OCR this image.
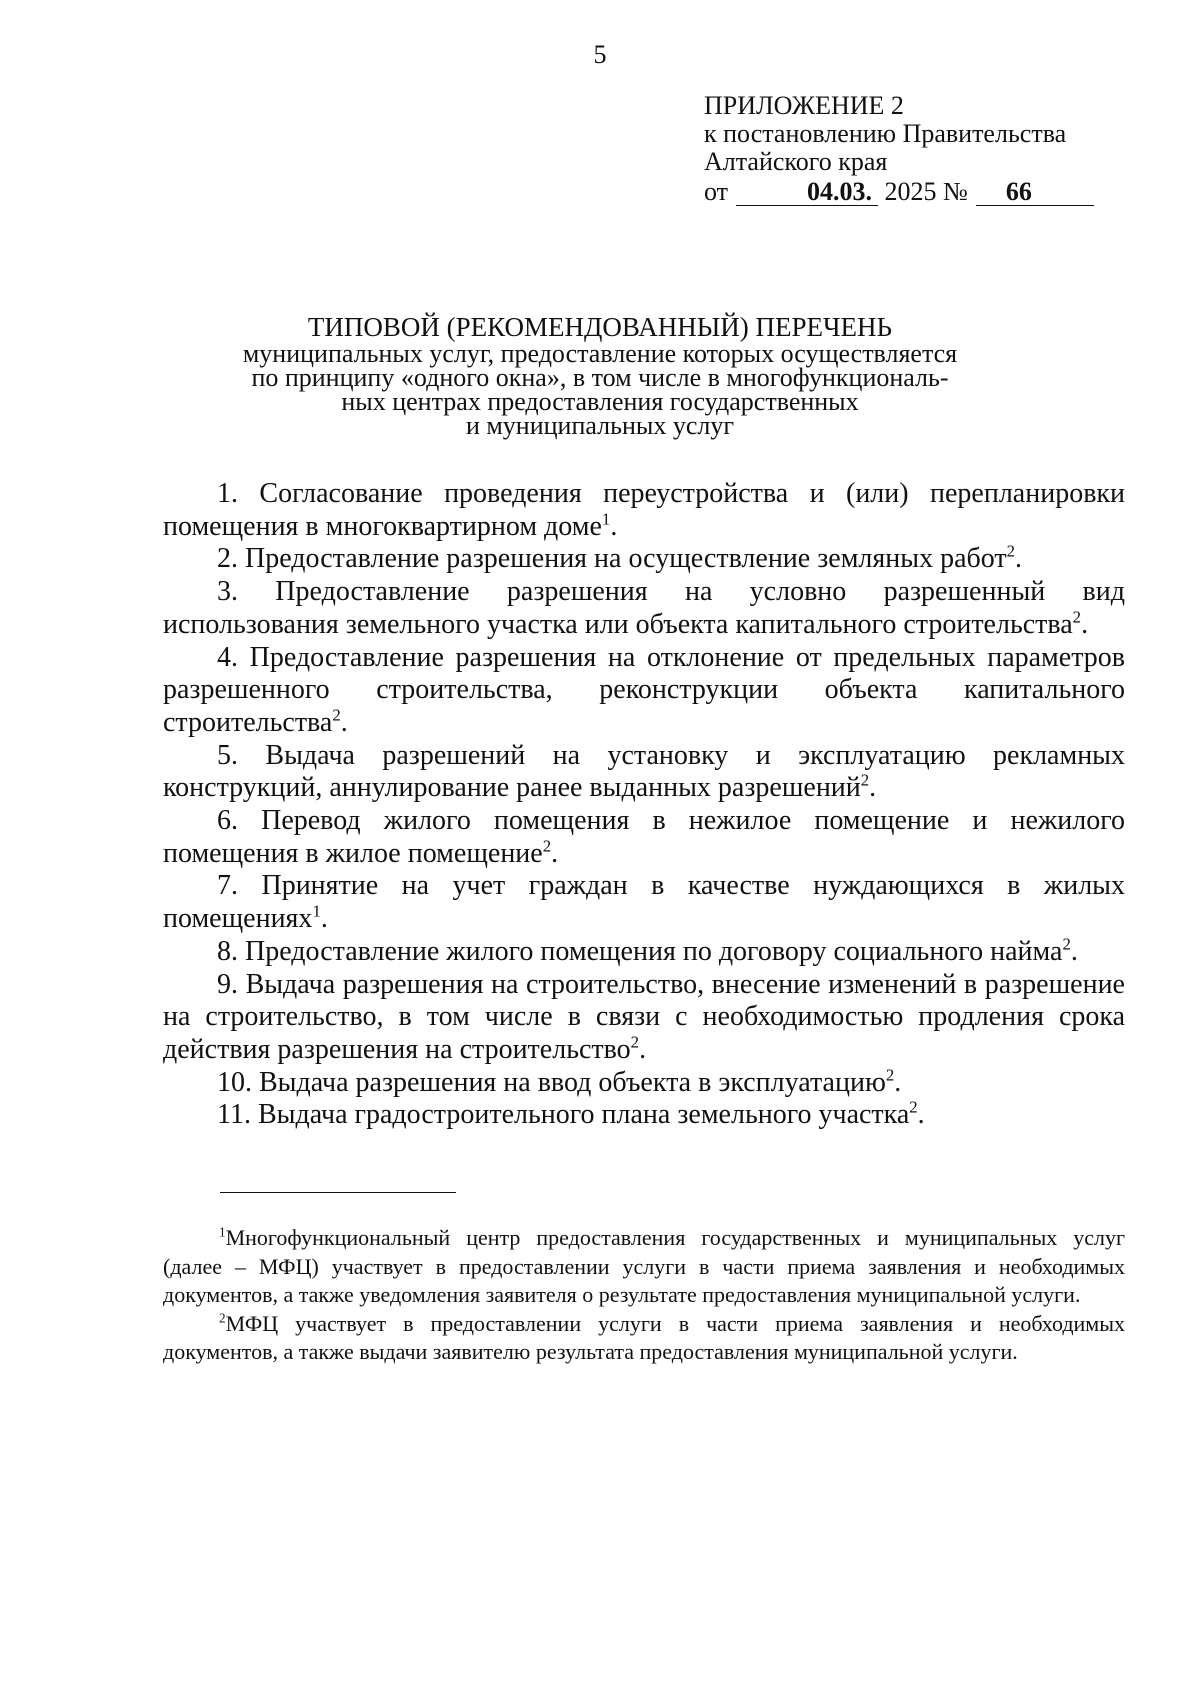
5
ПРИЛОЖЕНИЕ 2
к постановлению Правительства
Алтайского края
от	04.03. 2025 № 66
ТИПОВОЙ (РЕКОМЕНДОВАННЫЙ) ПЕРЕЧЕНЬ
муниципальных услуг, предоставление которых осуществляется
по принципу «одного окна», в том числе в многофункциональ-
ных центрах предоставления государственных
и муниципальных услуг

1. Согласование проведения переустройства и (или) перепланировки помещения в многоквартирном доме$^1$.

2. Предоставление разрешения на осуществление земляных работ$^2$.

3. Предоставление разрешения на условно разрешенный вид использования земельного участка или объекта капитального строительства$^2$.

4. Предоставление разрешения на отклонение от предельных параметров разрешенного строительства, реконструкции объекта капитального строительства$^2$.

5. Выдача разрешений на установку и эксплуатацию рекламных конструкций, аннулирование ранее выданных разрешений$^2$.

6. Перевод жилого помещения в нежилое помещение и нежилого помещения в жилое помещение$^2$.

7. Принятие на учет граждан в качестве нуждающихся в жилых помещениях$^1$.

8. Предоставление жилого помещения по договору социального найма$^2$.

9. Выдача разрешения на строительство, внесение изменений в разрешение на строительство, в том числе в связи с необходимостью продления срока действия разрешения на строительство$^2$.

10. Выдача разрешения на ввод объекта в эксплуатацию$^2$.

11. Выдача градостроительного плана земельного участка$^2$.

$^1$Многофункциональный центр предоставления государственных и муниципальных услуг (далее – МФЦ) участвует в предоставлении услуги в части приема заявления и необходимых документов, а также уведомления заявителя о результате предоставления муниципальной услуги.

$^2$МФЦ участвует в предоставлении услуги в части приема заявления и необходимых документов, а также выдачи заявителю результата предоставления муниципальной услуги.
